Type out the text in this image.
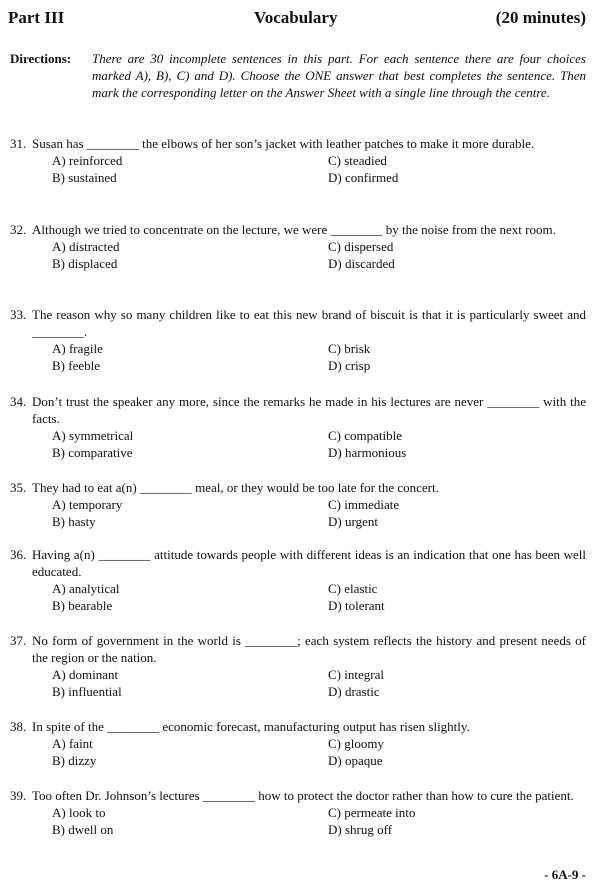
Part III	Vocabulary	(20 minutes)
Directions: There are 30 incomplete sentences in this part. For each sentence there are four choices marked A), B), C) and D). Choose the ONE answer that best completes the sentence. Then mark the corresponding letter on the Answer Sheet with a single line through the centre.
31. Susan has ________ the elbows of her son’s jacket with leather patches to make it more durable.
A) reinforced
B) sustained
C) steadied
D) confirmed
32. Although we tried to concentrate on the lecture, we were ________ by the noise from the next room.
A) distracted
B) displaced
C) dispersed
D) discarded
33. The reason why so many children like to eat this new brand of biscuit is that it is particularly sweet and ________.
A) fragile
B) feeble
C) brisk
D) crisp
34. Don’t trust the speaker any more, since the remarks he made in his lectures are never ________ with the facts.
A) symmetrical
B) comparative
C) compatible
D) harmonious
35. They had to eat a(n) ________ meal, or they would be too late for the concert.
A) temporary
B) hasty
C) immediate
D) urgent
36. Having a(n) ________ attitude towards people with different ideas is an indication that one has been well educated.
A) analytical
B) bearable
C) elastic
D) tolerant
37. No form of government in the world is ________; each system reflects the history and present needs of the region or the nation.
A) dominant
B) influential
C) integral
D) drastic
38. In spite of the ________ economic forecast, manufacturing output has risen slightly.
A) faint
B) dizzy
C) gloomy
D) opaque
39. Too often Dr. Johnson’s lectures ________ how to protect the doctor rather than how to cure the patient.
A) look to
B) dwell on
C) permeate into
D) shrug off
- 6A-9 -
